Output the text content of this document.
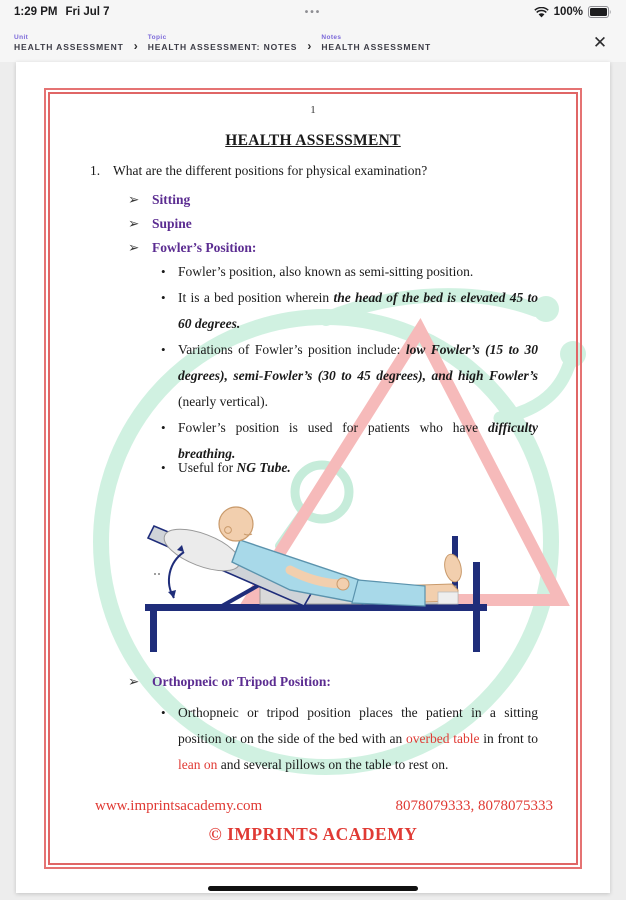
1:29 PM Fri Jul 7	•••	100%
Unit
HEALTH ASSESSMENT ›
Topic
HEALTH ASSESSMENT: NOTES ›
Notes
HEALTH ASSESSMENT	✕
1
HEALTH ASSESSMENT
1. What are the different positions for physical examination?
➢ Sitting
➢ Supine
➢ Fowler’s Position:
• Fowler’s position, also known as semi-sitting position.
• It is a bed position wherein the head of the bed is elevated 45 to 60 degrees.
• Variations of Fowler’s position include: low Fowler’s (15 to 30 degrees), semi-Fowler’s (30 to 45 degrees), and high Fowler’s (nearly vertical).
• Fowler’s position is used for patients who have difficulty breathing.
• Useful for NG Tube.
➢ Orthopneic or Tripod Position:
• Orthopneic or tripod position places the patient in a sitting position or on the side of the bed with an overbed table in front to lean on and several pillows on the table to rest on.
www.imprintsacademy.com	8078079333, 8078075333
© IMPRINTS ACADEMY
